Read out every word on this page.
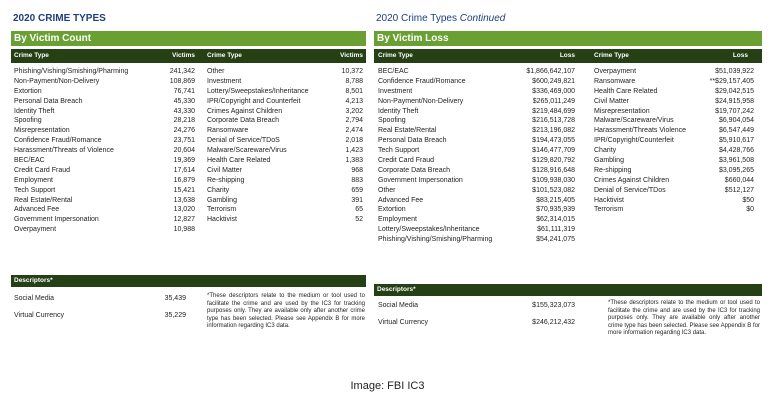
2020 CRIME TYPES	2020 Crime Types Continued
By Victim Count
Crime Type	Victims Crime Type	Victims
Phishing/Vishing/Smishing/Pharming	241,342 Other	10,372
Non-Payment/Non-Delivery	108,869 Investment	8,788
Extortion	76,741 Lottery/Sweepstakes/Inheritance	8,501
Personal Data Breach	45,330 IPR/Copyright and Counterfeit	4,213
Identity Theft	43,330 Crimes Against Children	3,202
Spoofing	28,218 Corporate Data Breach	2,794
Misrepresentation	24,276 Ransomware	2,474
Confidence Fraud/Romance	23,751 Denial of Service/TDoS	2,018
Harassment/Threats of Violence	20,604 Malware/Scareware/Virus	1,423
BEC/EAC	19,369 Health Care Related	1,383
Credit Card Fraud	17,614 Civil Matter	968
Employment	16,879 Re-shipping	883
Tech Support	15,421 Charity	659
Real Estate/Rental	13,638 Gambling	391
Advanced Fee	13,020 Terrorism	65
Government Impersonation	12,827 Hacktivist	52
Overpayment	10,988
Descriptors*
Social Media	35,439
Virtual Currency	35,229
*These descriptors relate to the medium or tool used to facilitate the crime and are used by the IC3 for tracking purposes only. They are available only after another crime type has been selected. Please see Appendix B for more information regarding IC3 data.
By Victim Loss
Crime Type	Loss	Crime Type	Loss
BEC/EAC	$1,866,642,107	Overpayment	$51,039,922
Confidence Fraud/Romance	$600,249,821	Ransomware	**$29,157,405
Investment	$336,469,000	Health Care Related	$29,042,515
Non-Payment/Non-Delivery	$265,011,249	Civil Matter	$24,915,958
Identity Theft	$219,484,699	Misrepresentation	$19,707,242
Spoofing	$216,513,728	Malware/Scareware/Virus	$6,904,054
Real Estate/Rental	$213,196,082	Harassment/Threats Violence	$6,547,449
Personal Data Breach	$194,473,055	IPR/Copyright/Counterfeit	$5,910,617
Tech Support	$146,477,709	Charity	$4,428,766
Credit Card Fraud	$129,820,792	Gambling	$3,961,508
Corporate Data Breach	$128,916,648	Re-shipping	$3,095,265
Government Impersonation	$109,938,030	Crimes Against Children	$660,044
Other	$101,523,082	Denial of Service/TDos	$512,127
Advanced Fee	$83,215,405	Hacktivist	$50
Extortion	$70,935,939	Terrorism	$0
Employment	$62,314,015
Lottery/Sweepstakes/Inheritance	$61,111,319
Phishing/Vishing/Smishing/Pharming	$54,241,075
Descriptors*
Social Media	$155,323,073
Virtual Currency	$246,212,432
*These descriptors relate to the medium or tool used to facilitate the crime and are used by the IC3 for tracking purposes only. They are available only after another crime type has been selected. Please see Appendix B for more information regarding IC3 data.
Image: FBI IC3
